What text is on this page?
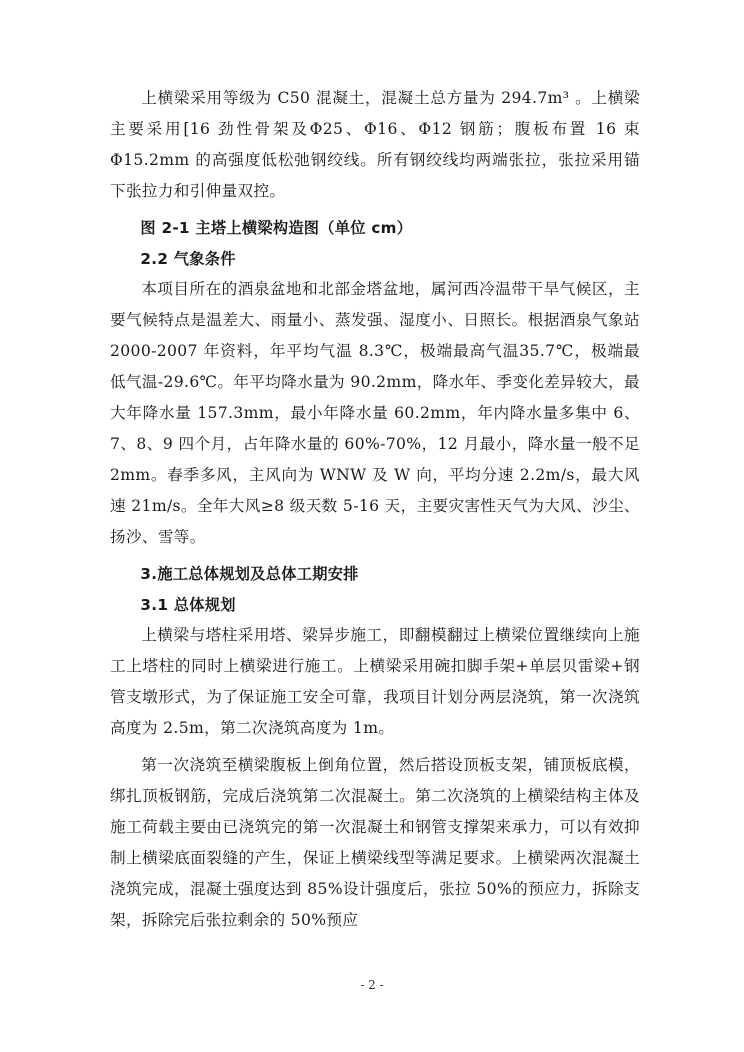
上横梁采用等级为 C50 混凝土，混凝土总方量为 294.7m³ 。上横梁主要采用[16 劲性骨架及Φ25、Φ16、Φ12 钢筋；腹板布置 16 束Φ15.2mm 的高强度低松弛钢绞线。所有钢绞线均两端张拉，张拉采用锚下张拉力和引伸量双控。

图 2-1 主塔上横梁构造图（单位 cm）

2.2 气象条件

本项目所在的酒泉盆地和北部金塔盆地，属河西冷温带干旱气候区，主要气候特点是温差大、雨量小、蒸发强、湿度小、日照长。根据酒泉气象站 2000-2007 年资料，年平均气温 8.3℃，极端最高气温35.7℃，极端最低气温-29.6℃。年平均降水量为 90.2mm，降水年、季变化差异较大，最大年降水量 157.3mm，最小年降水量 60.2mm，年内降水量多集中 6、7、8、9 四个月，占年降水量的 60%-70%，12 月最小，降水量一般不足 2mm。春季多风，主风向为 WNW 及 W 向，平均分速 2.2m/s，最大风速 21m/s。全年大风≥8 级天数 5-16 天，主要灾害性天气为大风、沙尘、扬沙、雪等。

3.施工总体规划及总体工期安排

3.1 总体规划

上横梁与塔柱采用塔、梁异步施工，即翻模翻过上横梁位置继续向上施工上塔柱的同时上横梁进行施工。上横梁采用碗扣脚手架+单层贝雷梁+钢管支墩形式，为了保证施工安全可靠，我项目计划分两层浇筑，第一次浇筑高度为 2.5m，第二次浇筑高度为 1m。

第一次浇筑至横梁腹板上倒角位置，然后搭设顶板支架，铺顶板底模，绑扎顶板钢筋，完成后浇筑第二次混凝土。第二次浇筑的上横梁结构主体及施工荷载主要由已浇筑完的第一次混凝土和钢管支撑架来承力，可以有效抑制上横梁底面裂缝的产生，保证上横梁线型等满足要求。上横梁两次混凝土浇筑完成，混凝土强度达到 85%设计强度后，张拉 50%的预应力，拆除支架，拆除完后张拉剩余的 50%预应

- 2 -
